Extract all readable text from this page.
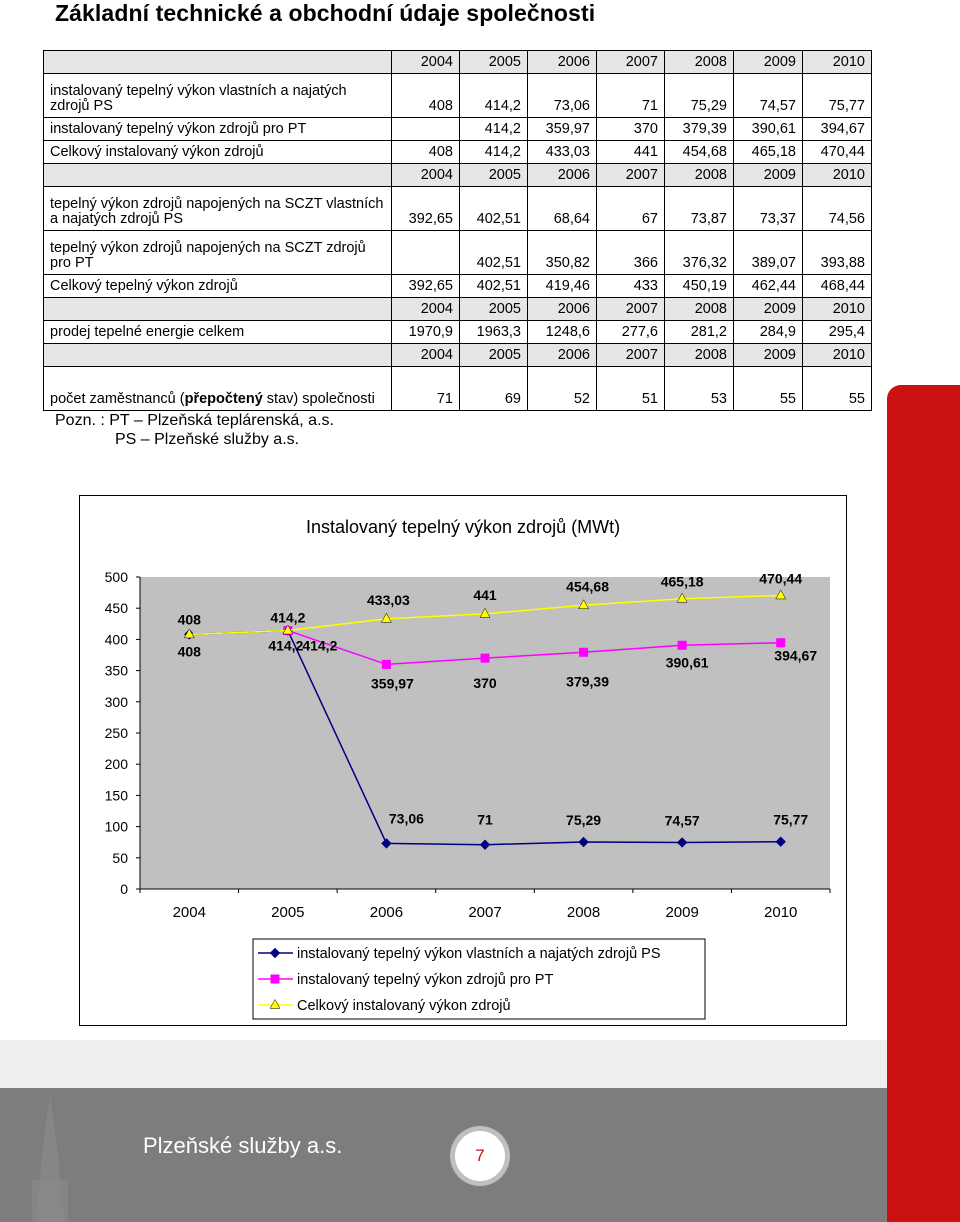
Základní technické a obchodní údaje společnosti
	2004	2005	2006	2007	2008	2009	2010
instalovaný tepelný výkon vlastních a najatých zdrojů PS	408	414,2	73,06	71	75,29	74,57	75,77
instalovaný tepelný výkon zdrojů pro PT		414,2	359,97	370	379,39	390,61	394,67
Celkový instalovaný výkon zdrojů	408	414,2	433,03	441	454,68	465,18	470,44
	2004	2005	2006	2007	2008	2009	2010
tepelný výkon zdrojů napojených na SCZT vlastních a najatých zdrojů PS	392,65	402,51	68,64	67	73,87	73,37	74,56
tepelný výkon zdrojů napojených na SCZT zdrojů pro PT		402,51	350,82	366	376,32	389,07	393,88
Celkový tepelný výkon zdrojů	392,65	402,51	419,46	433	450,19	462,44	468,44
	2004	2005	2006	2007	2008	2009	2010
prodej tepelné energie celkem	1970,9	1963,3	1248,6	277,6	281,2	284,9	295,4
	2004	2005	2006	2007	2008	2009	2010
počet zaměstnanců (přepočtený stav) společnosti	71	69	52	51	53	55	55
Pozn. : PT – Plzeňská teplárenská, a.s.
PS – Plzeňské služby a.s.
Instalovaný tepelný výkon zdrojů (MWt)
0
50
100
150
200
250
300
350
400
450
500
2004	2005	2006	2007	2008	2009	2010
408	414,2
73,06	71	75,29	74,57	75,77
414,2
359,97	370	379,39
390,61	394,67
408	414,2
433,03	441
454,68	465,18	470,44
instalovaný tepelný výkon vlastních a najatých zdrojů PS
instalovaný tepelný výkon zdrojů pro PT
Celkový instalovaný výkon zdrojů
Plzeňské služby a.s.	7
